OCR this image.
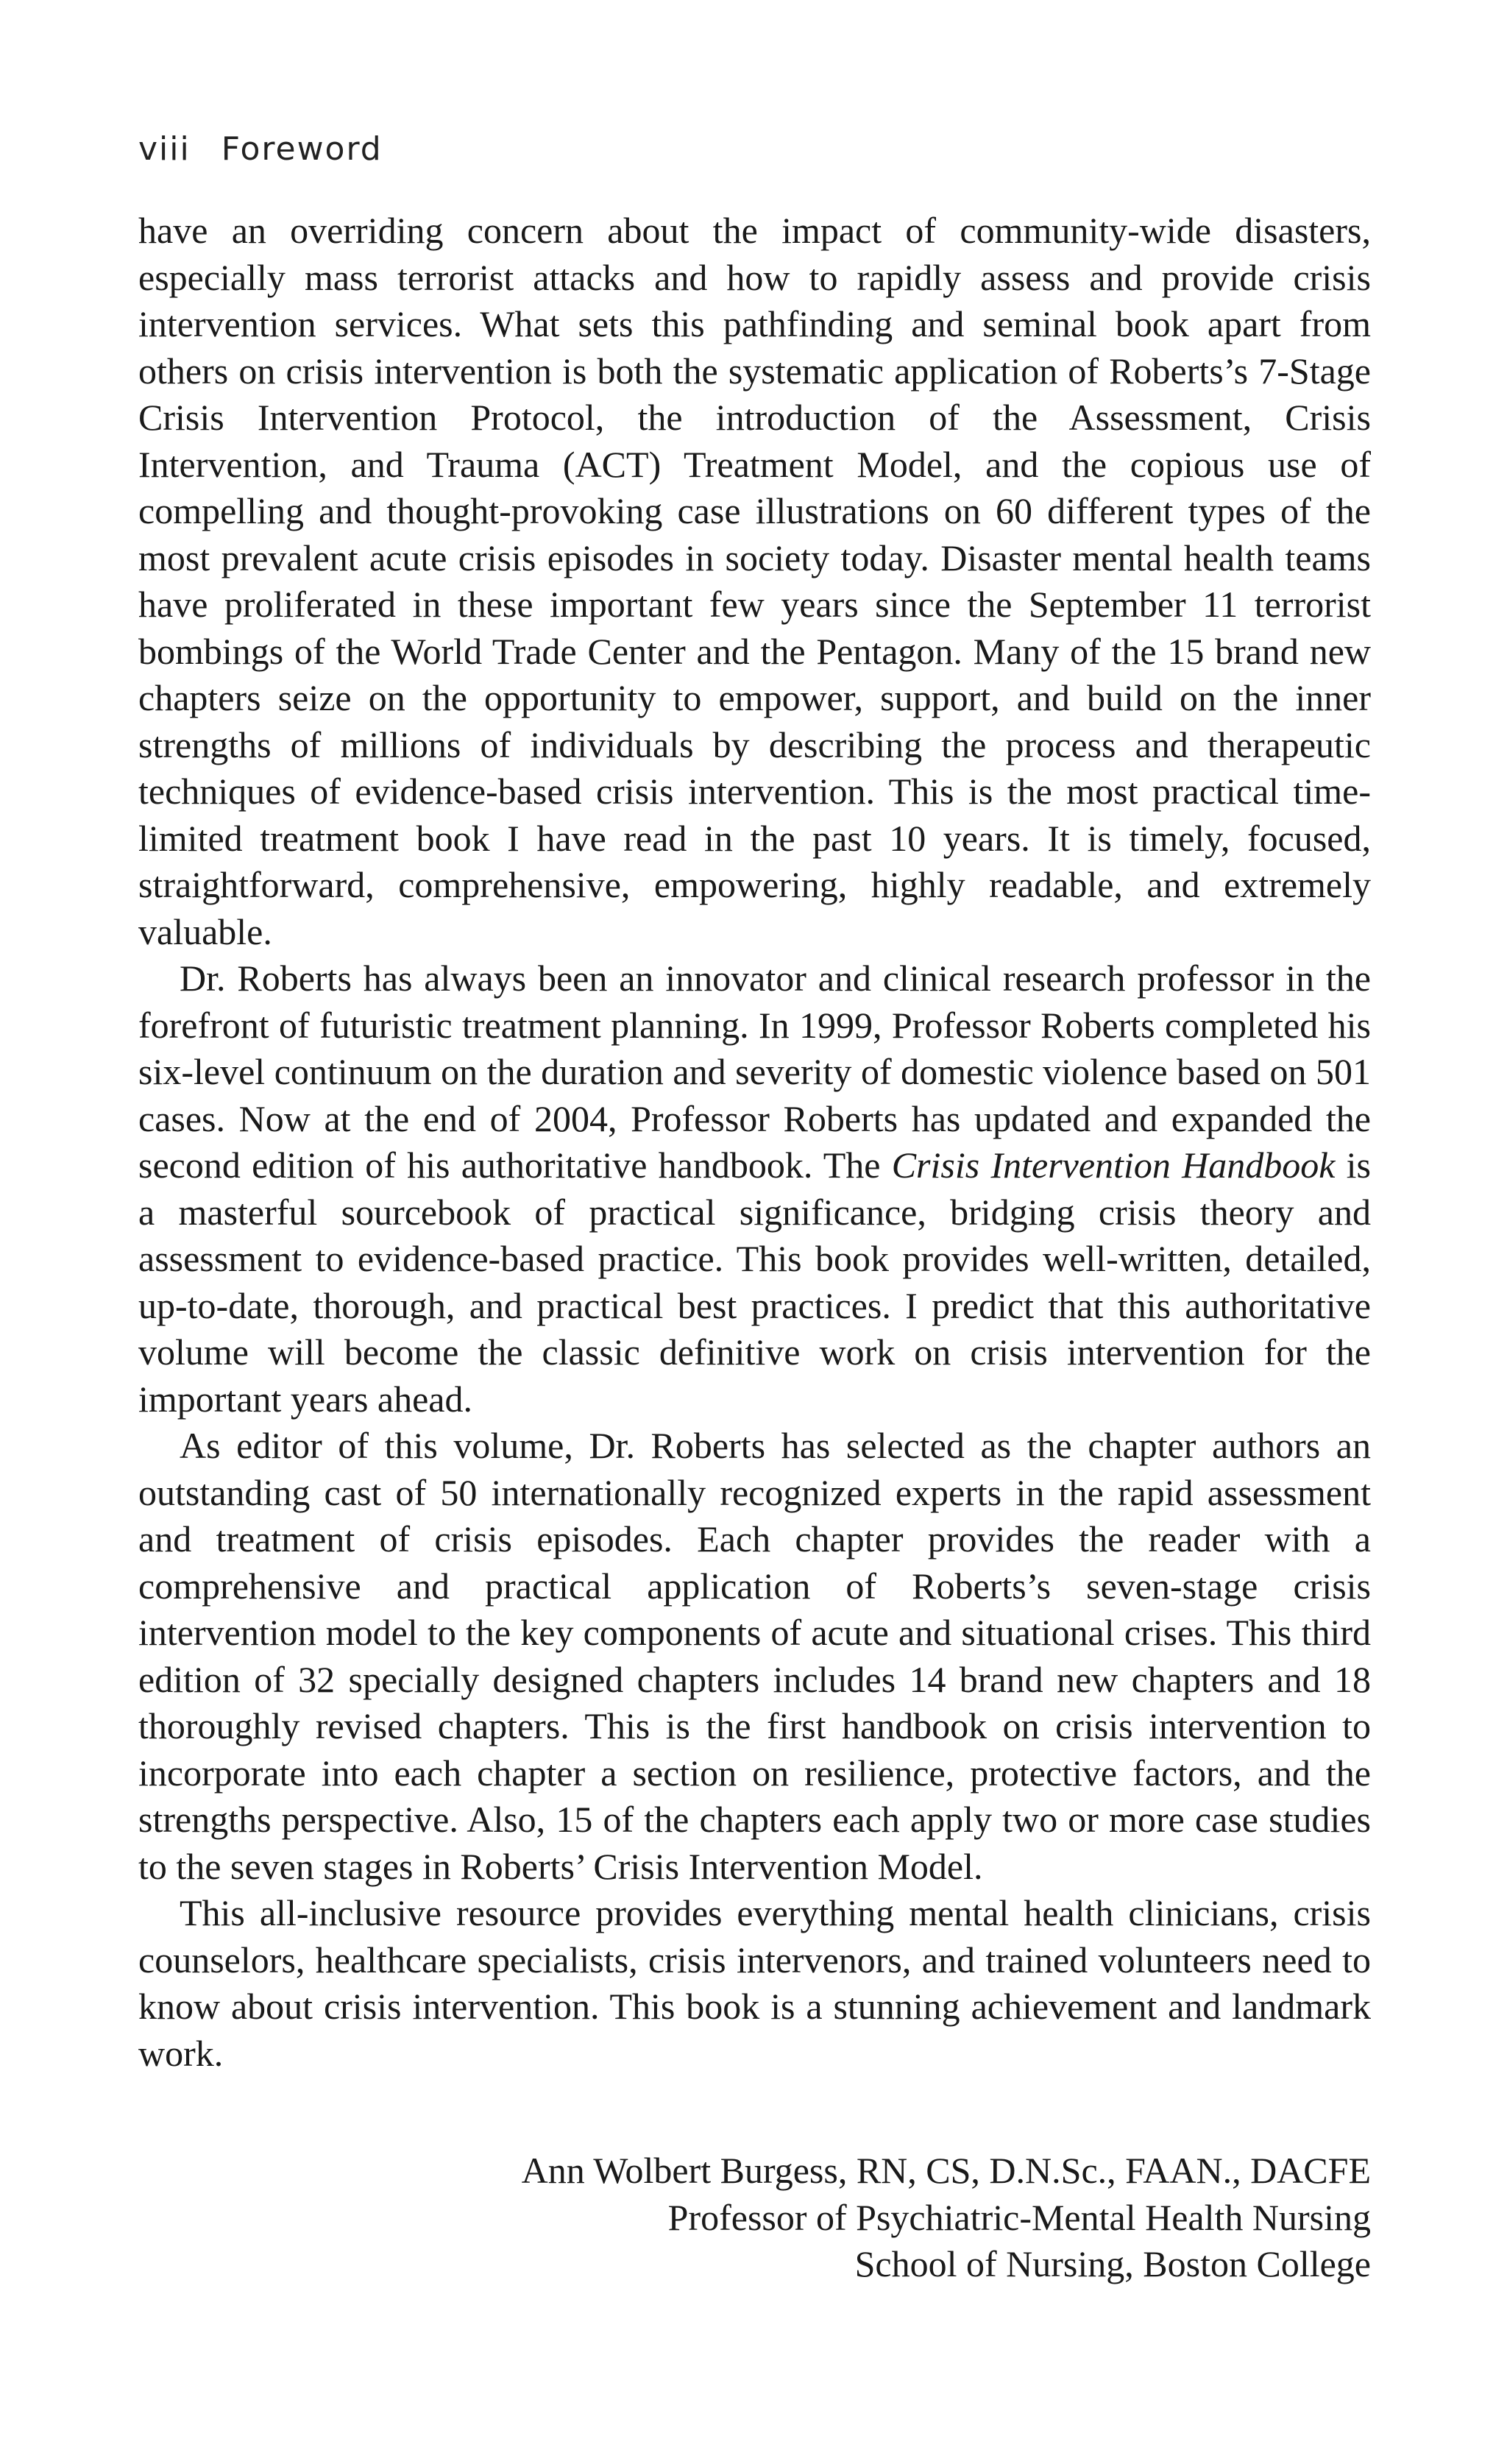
viii Foreword

have an overriding concern about the impact of community-wide disasters, especially mass terrorist attacks and how to rapidly assess and provide crisis intervention services. What sets this pathfinding and seminal book apart from others on crisis intervention is both the systematic application of Roberts’s 7-Stage Crisis Intervention Protocol, the introduction of the Assessment, Crisis Intervention, and Trauma (ACT) Treatment Model, and the copious use of compelling and thought-provoking case illustrations on 60 different types of the most prevalent acute crisis episodes in society today. Disaster mental health teams have proliferated in these important few years since the September 11 terrorist bombings of the World Trade Center and the Pentagon. Many of the 15 brand new chapters seize on the opportunity to empower, support, and build on the inner strengths of millions of individuals by describing the process and therapeutic techniques of evidence-based crisis intervention. This is the most practical time-limited treatment book I have read in the past 10 years. It is timely, focused, straightforward, comprehensive, empowering, highly readable, and extremely valuable.

Dr. Roberts has always been an innovator and clinical research professor in the forefront of futuristic treatment planning. In 1999, Professor Roberts completed his six-level continuum on the duration and severity of domestic violence based on 501 cases. Now at the end of 2004, Professor Roberts has updated and expanded the second edition of his authoritative handbook. The Crisis Intervention Handbook is a masterful sourcebook of practical significance, bridging crisis theory and assessment to evidence-based practice. This book provides well-written, detailed, up-to-date, thorough, and practical best practices. I predict that this authoritative volume will become the classic definitive work on crisis intervention for the important years ahead.

As editor of this volume, Dr. Roberts has selected as the chapter authors an outstanding cast of 50 internationally recognized experts in the rapid assessment and treatment of crisis episodes. Each chapter provides the reader with a comprehensive and practical application of Roberts’s seven-stage crisis intervention model to the key components of acute and situational crises. This third edition of 32 specially designed chapters includes 14 brand new chapters and 18 thoroughly revised chapters. This is the first handbook on crisis intervention to incorporate into each chapter a section on resilience, protective factors, and the strengths perspective. Also, 15 of the chapters each apply two or more case studies to the seven stages in Roberts’ Crisis Intervention Model.

This all-inclusive resource provides everything mental health clinicians, crisis counselors, healthcare specialists, crisis intervenors, and trained volunteers need to know about crisis intervention. This book is a stunning achievement and landmark work.

Ann Wolbert Burgess, RN, CS, D.N.Sc., FAAN., DACFE
Professor of Psychiatric-Mental Health Nursing
School of Nursing, Boston College
